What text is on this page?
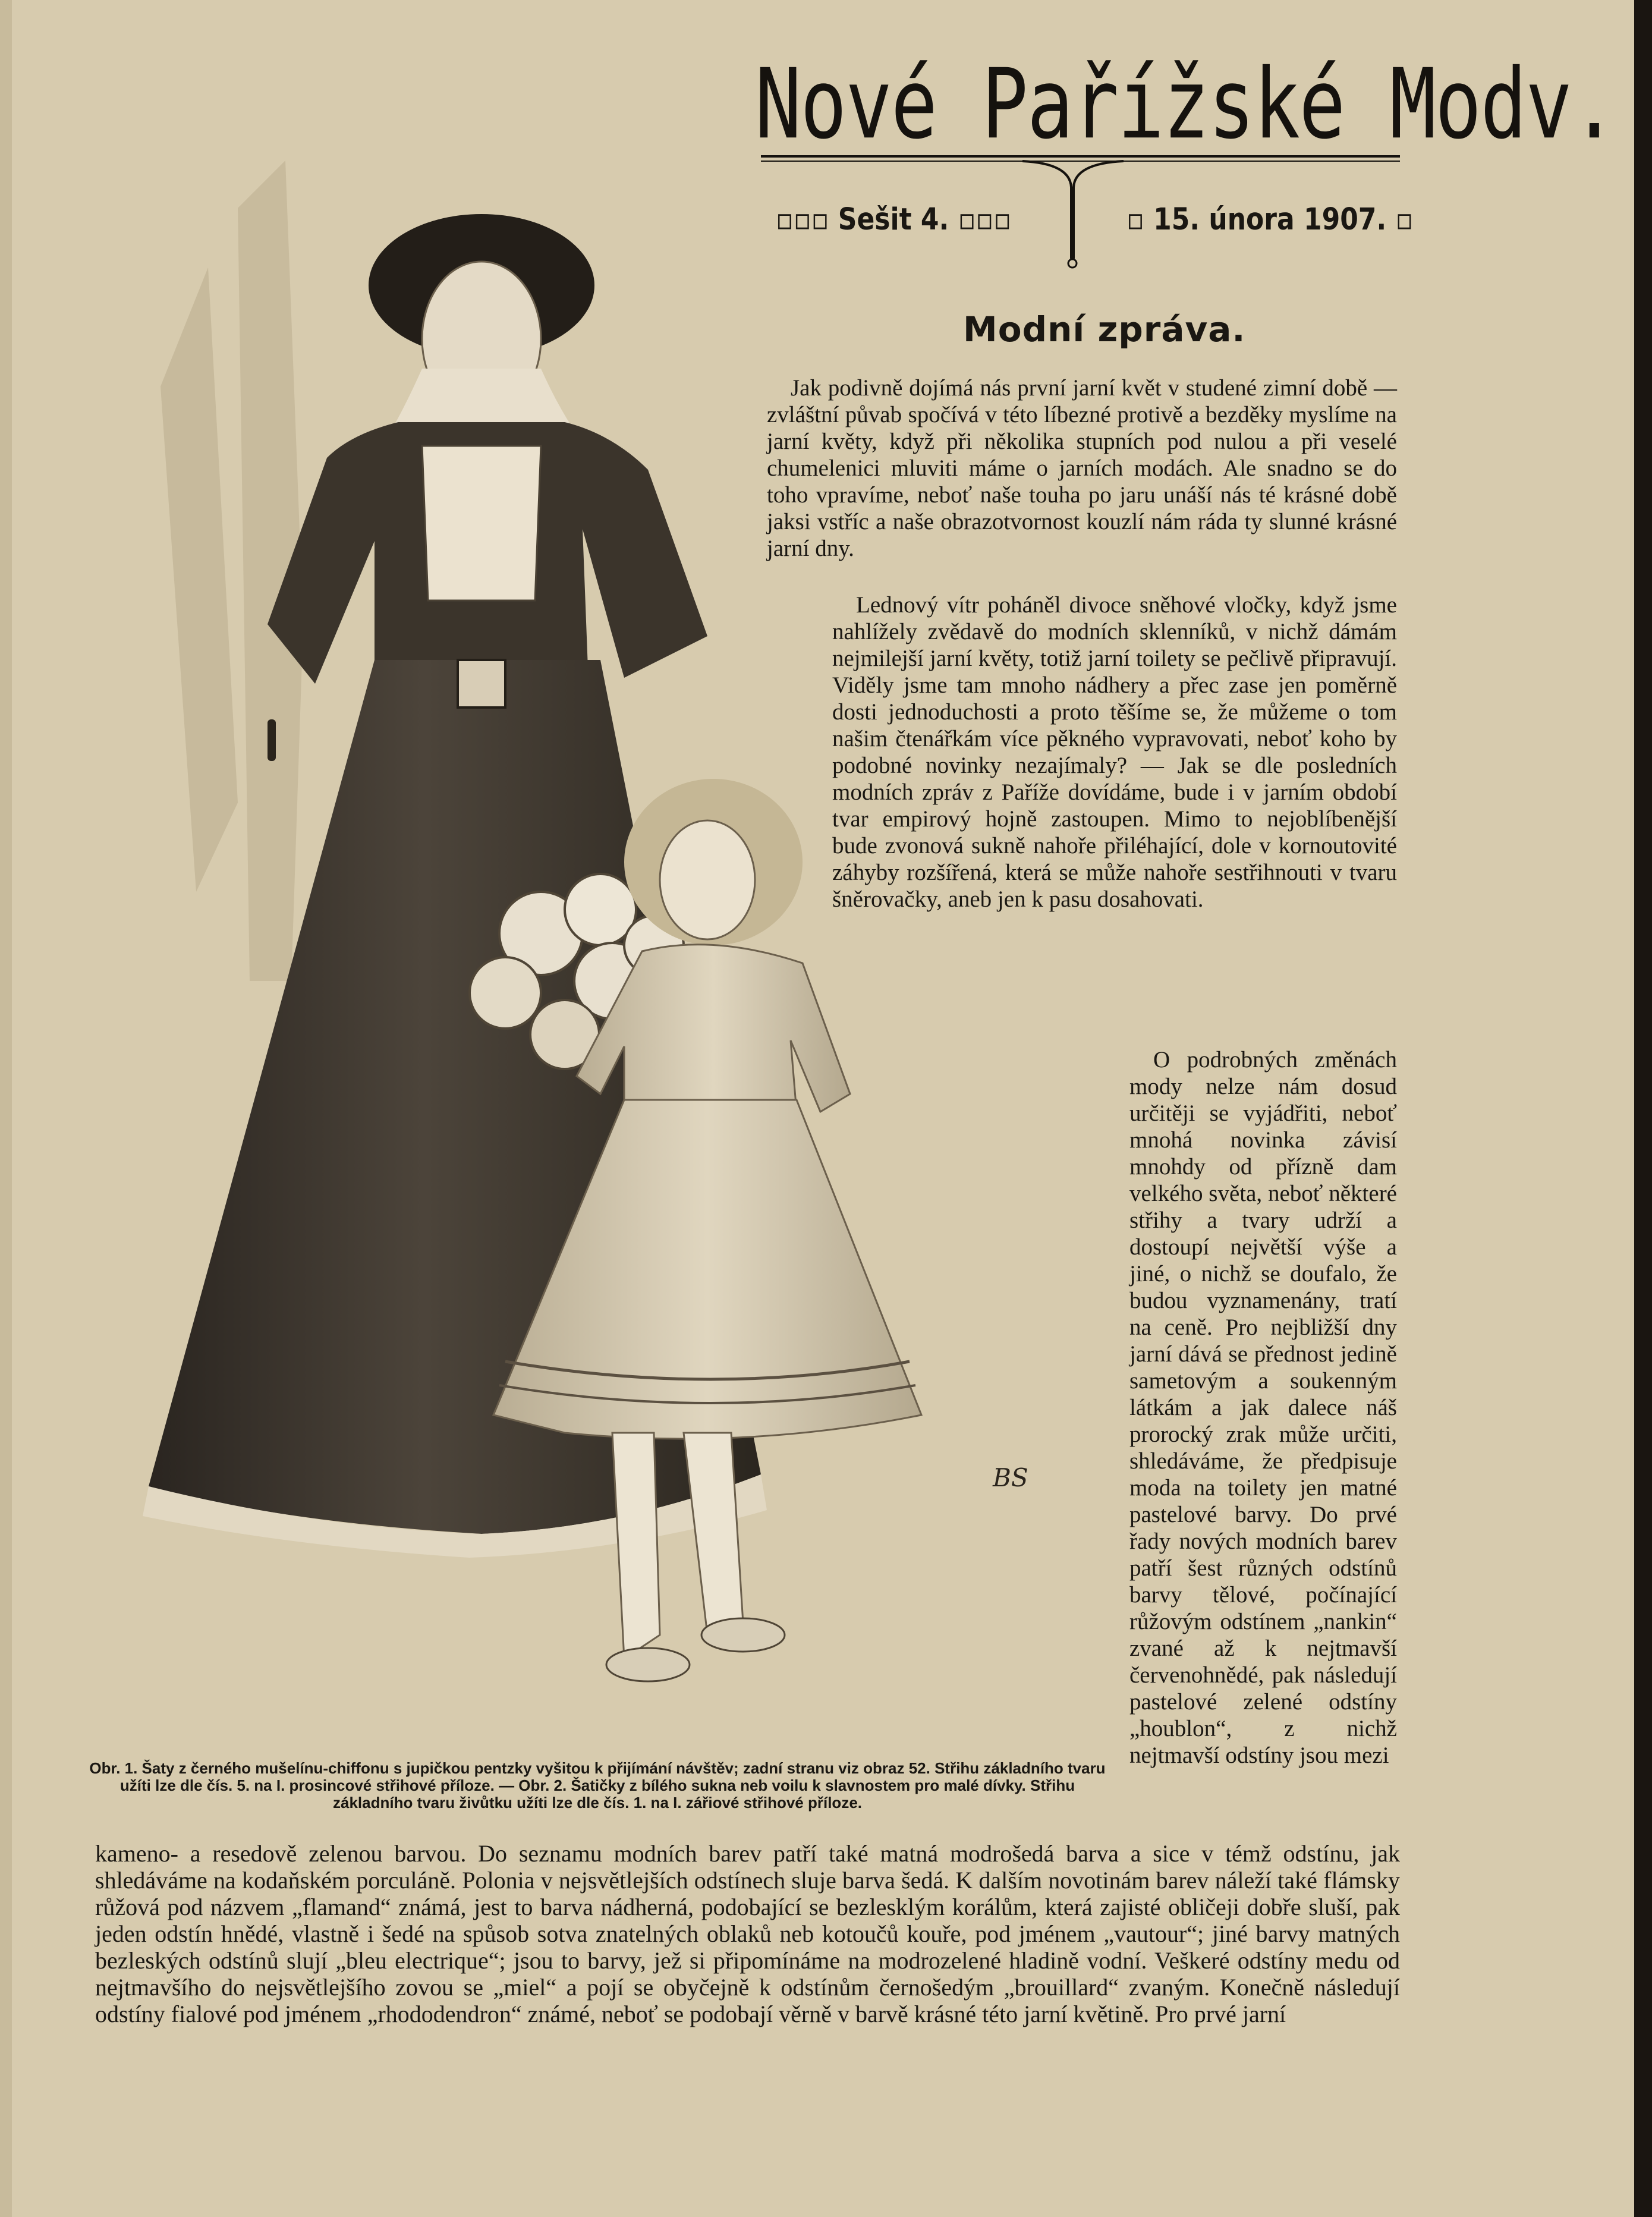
Nové Pařížské Modv.
▫▫▫ Sešit 4. ▫▫▫	▫ 15. února 1907. ▫
Modní zpráva.
BS

Jak podivně dojímá nás první jarní květ v studené zimní době — zvláštní půvab spočívá v této líbezné protivě a bezděky myslíme na jarní květy, když při několika stupních pod nulou a při veselé chumelenici mluviti máme o jarních modách. Ale snadno se do toho vpravíme, neboť naše touha po jaru unáší nás té krásné době jaksi vstříc a naše obrazotvornost kouzlí nám ráda ty slunné krásné jarní dny.

Lednový vítr poháněl divoce sněhové vločky, když jsme nahlížely zvědavě do modních sklenníků, v nichž dámám nejmilejší jarní květy, totiž jarní toilety se pečlivě připravují. Viděly jsme tam mnoho nádhery a přec zase jen poměrně dosti jednoduchosti a proto těšíme se, že můžeme o tom našim čtenářkám více pěkného vypravovati, neboť koho by podobné novinky nezajímaly? — Jak se dle posledních modních zpráv z Paříže dovídáme, bude i v jarním období tvar empirový hojně zastoupen. Mimo to nejoblíbenější bude zvonová sukně nahoře přiléhající, dole v kornoutovité záhyby rozšířená, která se může nahoře sestřihnouti v tvaru šněrovačky, aneb jen k pasu dosahovati.

O podrobných změnách mody nelze nám dosud určitěji se vyjádřiti, neboť mnohá novinka závisí mnohdy od přízně dam velkého světa, neboť některé střihy a tvary udrží a dostoupí největší výše a jiné, o nichž se doufalo, že budou vyznamenány, tratí na ceně. Pro nejbližší dny jarní dává se přednost jedině sametovým a soukenným látkám a jak dalece náš prorocký zrak může určiti, shledáváme, že předpisuje moda na toilety jen matné pastelové barvy. Do prvé řady nových modních barev patří šest různých odstínů barvy tělové, počínající růžovým odstínem „nankin“ zvané až k nejtmavší červenohnědé, pak následují pastelové zelené odstíny „houblon“, z nichž nejtmavší odstíny jsou mezi

Obr. 1. Šaty z černého mušelínu-chiffonu s jupičkou pentzky vyšitou k přijímání návštěv; zadní stranu viz obraz 52. Střihu základního tvaru užíti lze dle čís. 5. na I. prosincové střihové příloze. — Obr. 2. Šatičky z bílého sukna neb voilu k slavnostem pro malé dívky. Střihu základního tvaru živůtku užíti lze dle čís. 1. na I. zářiové střihové příloze.
kameno- a resedově zelenou barvou. Do seznamu modních barev patří také matná modrošedá barva a sice v témž odstínu, jak shledáváme na kodaňském porculáně. Polonia v nejsvětlejších odstínech sluje barva šedá. K dalším novotinám barev náleží také flámsky růžová pod názvem „flamand“ známá, jest to barva nádherná, podobající se bezlesklým korálům, která zajisté obličeji dobře sluší, pak jeden odstín hnědé, vlastně i šedé na spůsob sotva znatelných oblaků neb kotoučů kouře, pod jménem „vautour“; jiné barvy matných bezleských odstínů slují „bleu electrique“; jsou to barvy, jež si připomínáme na modrozelené hladině vodní. Veškeré odstíny medu od nejtmavšího do nejsvětlejšího zovou se „miel“ a pojí se obyčejně k odstínům černošedým „brouillard“ zvaným. Konečně následují odstíny fialové pod jménem „rhododendron“ známé, neboť se podobají věrně v barvě krásné této jarní květině. Pro prvé jarní
